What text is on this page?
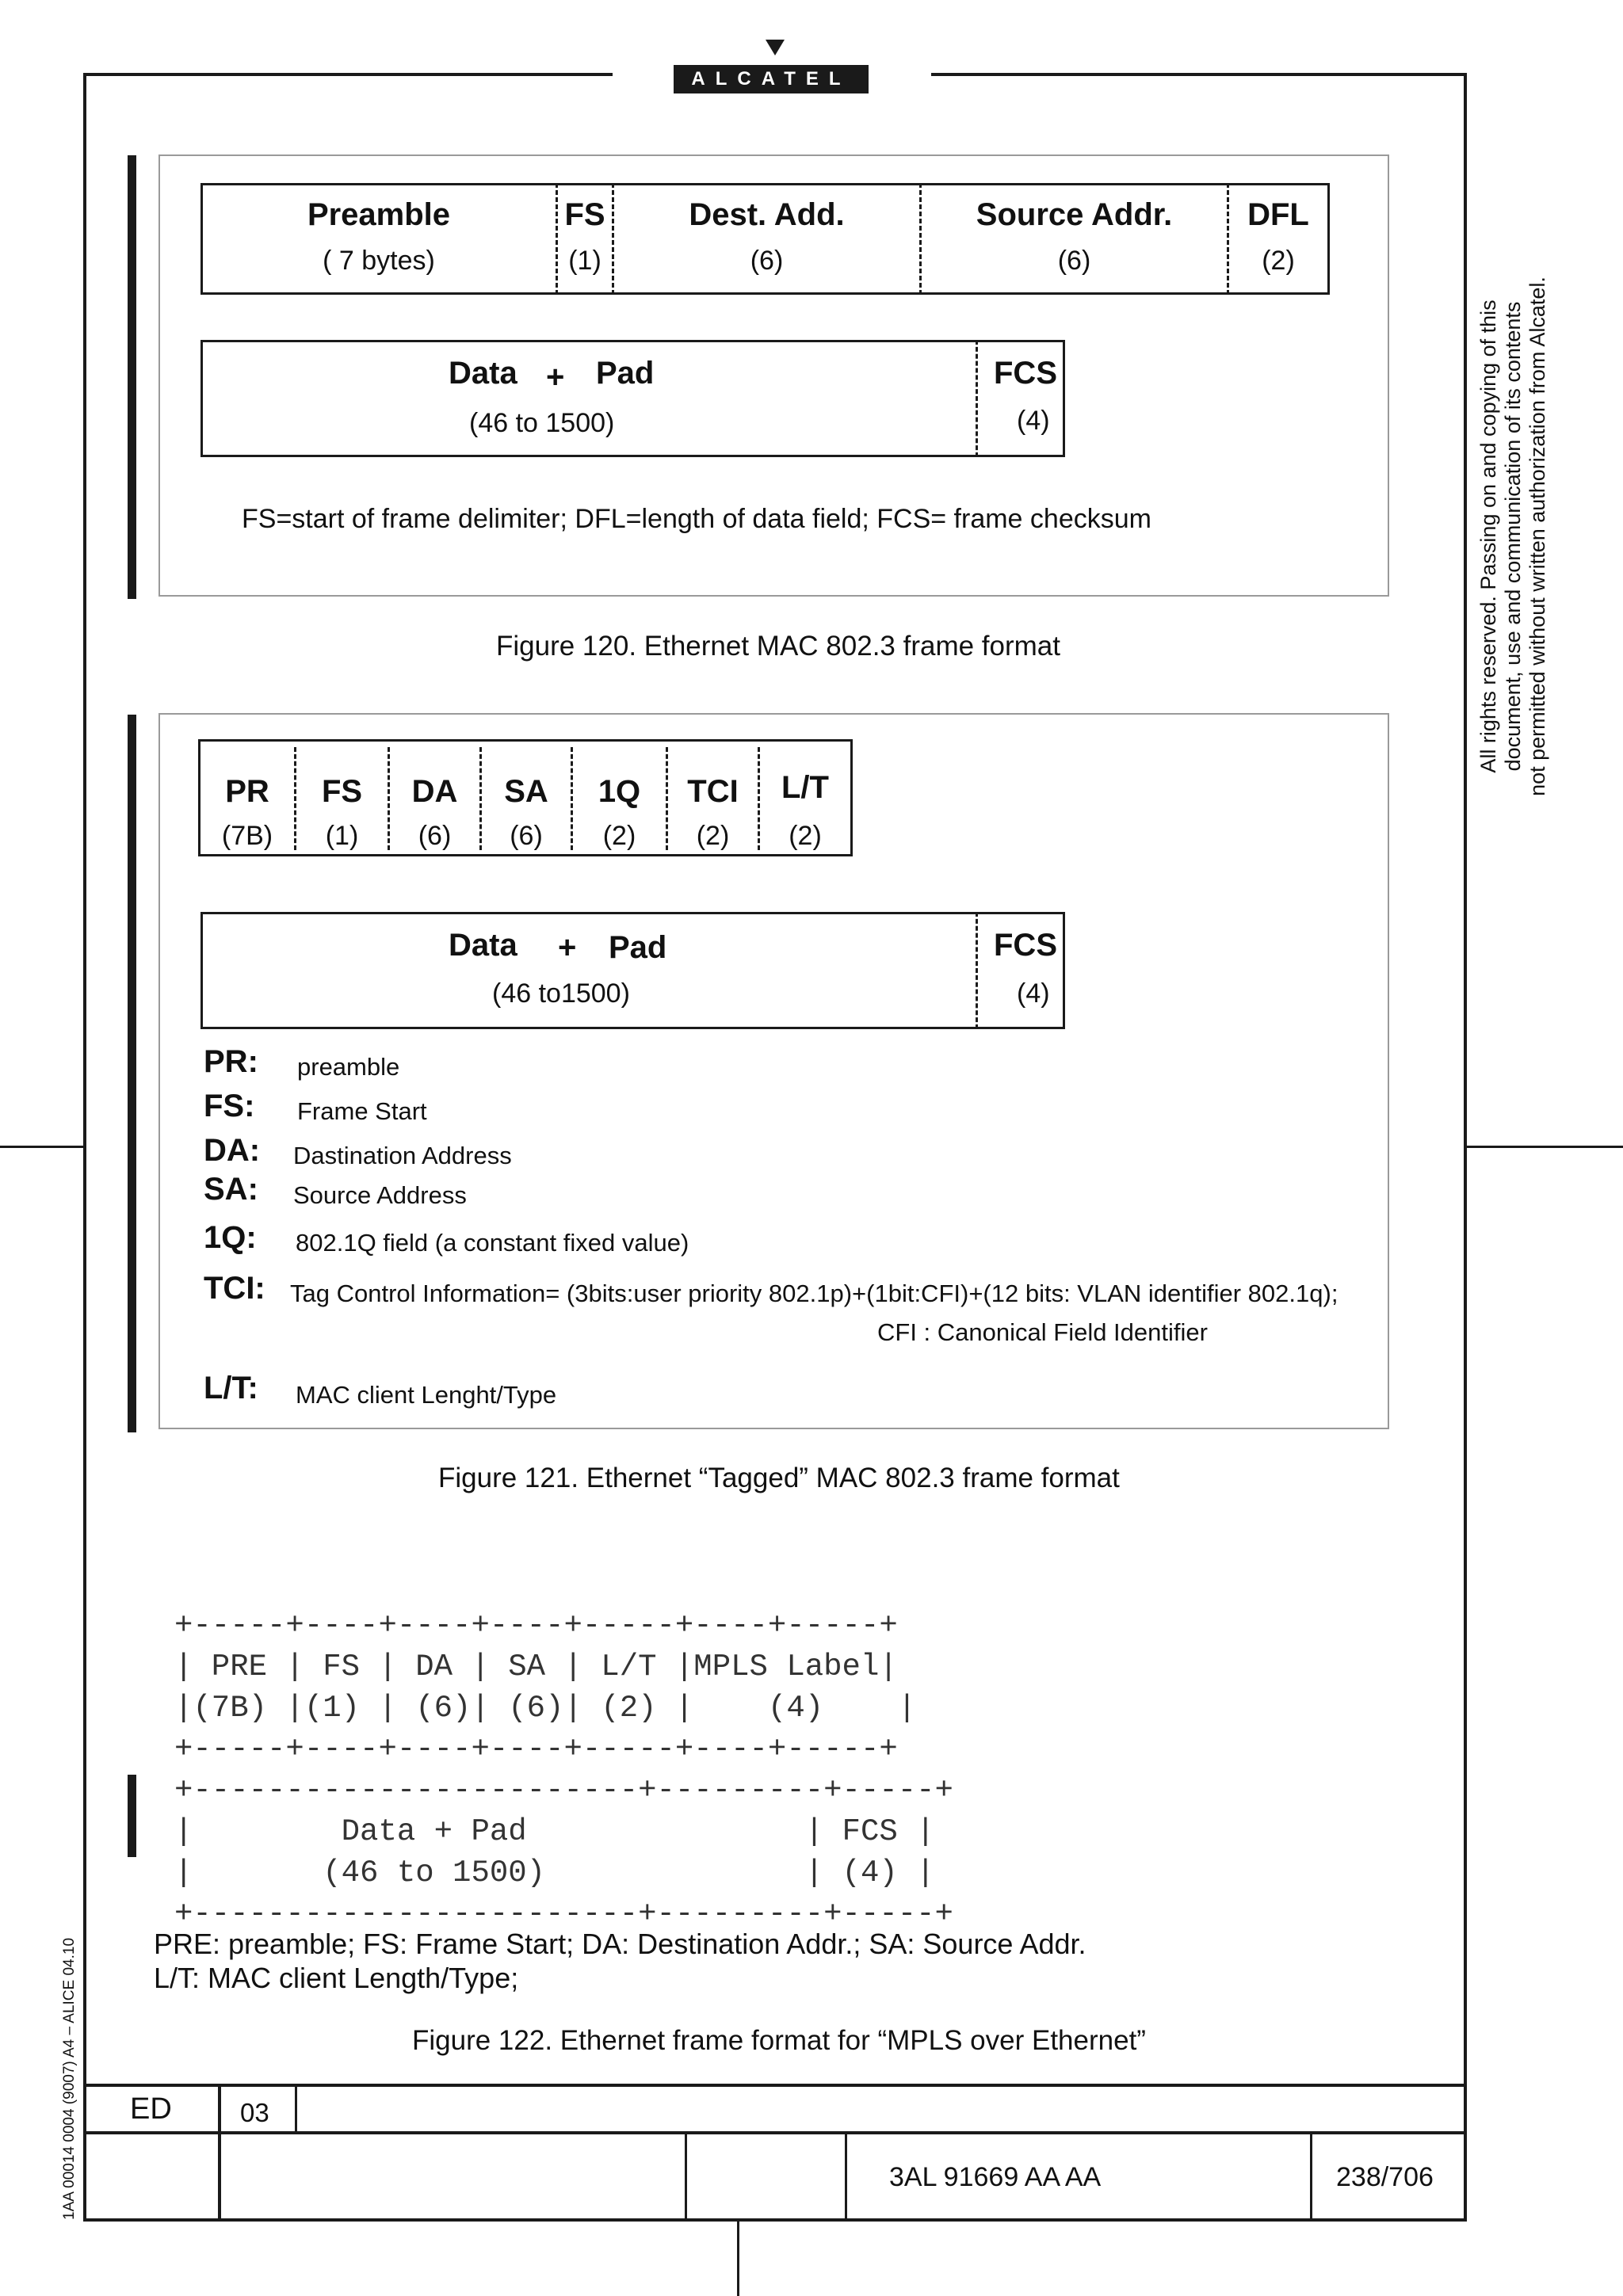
ALCATEL
All rights reserved. Passing on and copying of this document, use and communication of its contents not permitted without written authorization from Alcatel.
1AA 00014 0004 (9007) A4 – ALICE 04.10
Preamble
( 7 bytes)
FS
(1)
Dest. Add.
(6)
Source Addr.
(6)
DFL
(2)
Data + Pad
(46 to 1500)
FCS
(4)
FS=start of frame delimiter; DFL=length of data field; FCS= frame checksum
Figure 120. Ethernet MAC 802.3 frame format
PR
(7B)
FS
(1)
DA
(6)
SA
(6)
1Q
(2)
TCI
(2)
L/T
(2)
Data + Pad
(46 to1500)
FCS
(4)
PR: preamble
FS: Frame Start
DA: Dastination Address
SA: Source Address
1Q: 802.1Q field (a constant fixed value)
TCI: Tag Control Information= (3bits:user priority 802.1p)+(1bit:CFI)+(12 bits: VLAN identifier 802.1q);
CFI : Canonical Field Identifier
L/T: MAC client Lenght/Type
Figure 121. Ethernet “Tagged” MAC 802.3 frame format

+-----+----+----+----+-----+----+-----+
| PRE | FS | DA | SA | L/T |MPLS Label|
|(7B) |(1) | (6)| (6)| (2) |    (4)    |
+-----+----+----+----+-----+----+-----+

+------------------------+---------+-----+
|        Data + Pad               | FCS |
|       (46 to 1500)              | (4) |
+------------------------+---------+-----+

PRE: preamble; FS: Frame Start; DA: Destination Addr.; SA: Source Addr.
L/T: MAC client Length/Type;
Figure 122. Ethernet frame format for “MPLS over Ethernet”
ED	03
3AL 91669 AA AA	238/706
